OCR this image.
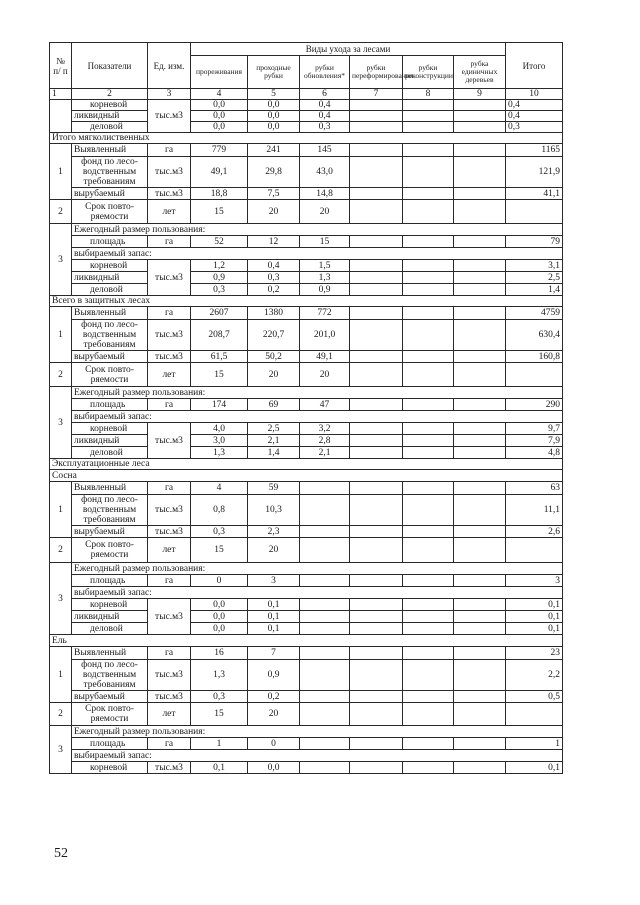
№ п/ п	Показатели	Ед. изм.	Виды ухода за лесами						Итого
			прореживания	проходные рубки	рубки обновления*	рубки переформирования	рубки реконструкции	рубка единичных деревьев	
1	2	3	4	5	6	7	8	9	10
	корневой	тыс.м3	0,0	0,0	0,4				0,4
	ликвидный		0,0	0,0	0,4				0,4
	деловой		0,0	0,0	0,3				0,3
Итого мягколиственных									
1	Выявленный	га	779	241	145				1165
	фонд по лесо-водственным требованиям	тыс.м3	49,1	29,8	43,0				121,9
	вырубаемый	тыс.м3	18,8	7,5	14,8				41,1
2	Срок повто-ряемости	лет	15	20	20				
3	Ежегодный размер пользования:								
	площадь	га	52	12	15				79
	выбираемый запас:								
	корневой	тыс.м3	1,2	0,4	1,5				3,1
	ликвидный		0,9	0,3	1,3				2,5
	деловой		0,3	0,2	0,9				1,4
Всего в защитных лесах									
1	Выявленный	га	2607	1380	772				4759
	фонд по лесо-водственным требованиям	тыс.м3	208,7	220,7	201,0				630,4
	вырубаемый	тыс.м3	61,5	50,2	49,1				160,8
2	Срок повто-ряемости	лет	15	20	20				
3	Ежегодный размер пользования:								
	площадь	га	174	69	47				290
	выбираемый запас:								
	корневой	тыс.м3	4,0	2,5	3,2				9,7
	ликвидный		3,0	2,1	2,8				7,9
	деловой		1,3	1,4	2,1				4,8
Эксплуатационные леса									
Сосна									
1	Выявленный	га	4	59					63
	фонд по лесо-водственным требованиям	тыс.м3	0,8	10,3					11,1
	вырубаемый	тыс.м3	0,3	2,3					2,6
2	Срок повто-ряемости	лет	15	20					
3	Ежегодный размер пользования:								
	площадь	га	0	3					3
	выбираемый запас:								
	корневой	тыс.м3	0,0	0,1					0,1
	ликвидный		0,0	0,1					0,1
	деловой		0,0	0,1					0,1
Ель									
1	Выявленный	га	16	7					23
	фонд по лесо-водственным требованиям	тыс.м3	1,3	0,9					2,2
	вырубаемый	тыс.м3	0,3	0,2					0,5
2	Срок повто-ряемости	лет	15	20					
3	Ежегодный размер пользования:								
	площадь	га	1	0					1
	выбираемый запас:								
	корневой	тыс.м3	0,1	0,0					0,1
52
